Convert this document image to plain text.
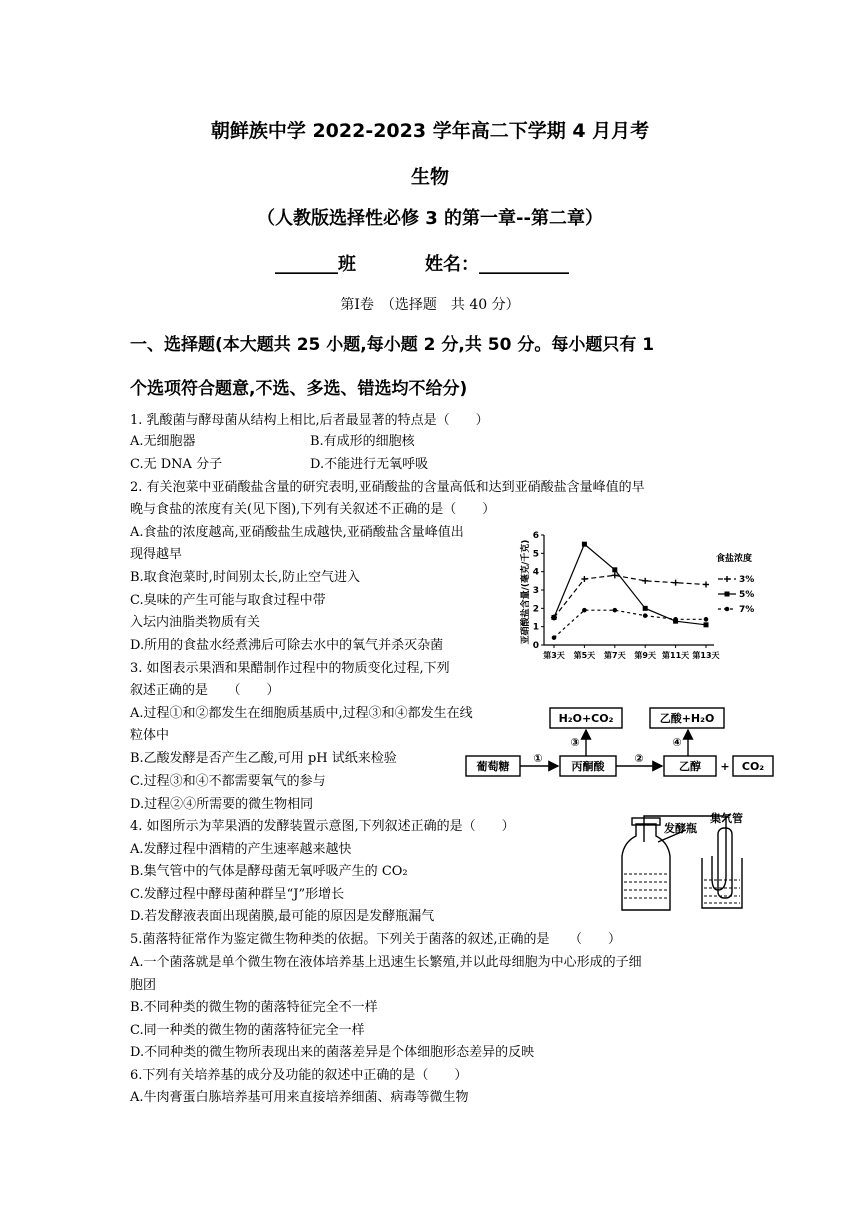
朝鲜族中学 2022-2023 学年高二下学期 4 月月考
生物
（人教版选择性必修 3 的第一章--第二章）
_______班	姓名：__________
第Ⅰ卷　（选择题　共 40 分）
一、选择题(本大题共 25 小题,每小题 2 分,共 50 分。每小题只有 1
个选项符合题意,不选、多选、错选均不给分)
1. 乳酸菌与酵母菌从结构上相比,后者最显著的特点是（　　）
A.无细胞器	B.有成形的细胞核
C.无 DNA 分子	D.不能进行无氧呼吸
2. 有关泡菜中亚硝酸盐含量的研究表明,亚硝酸盐的含量高低和达到亚硝酸盐含量峰值的早
晚与食盐的浓度有关(见下图),下列有关叙述不正确的是（　　）
A.食盐的浓度越高,亚硝酸盐生成越快,亚硝酸盐含量峰值出
现得越早
B.取食泡菜时,时间别太长,防止空气进入
C.臭味的产生可能与取食过程中带
入坛内油脂类物质有关
D.所用的食盐水经煮沸后可除去水中的氧气并杀灭杂菌
亚硝酸盐含量/(毫克/千克)
0
1
2
3
4
5
6
第3天 第5天 第7天 第9天 第11天 第13天
食盐浓度
3%
5%
7%
3. 如图表示果酒和果醋制作过程中的物质变化过程,下列
叙述正确的是　　（　　）
A.过程①和②都发生在细胞质基质中,过程③和④都发生在线
粒体中
B.乙酸发酵是否产生乙酸,可用 pH 试纸来检验
C.过程③和④不都需要氧气的参与
D.过程②④所需要的微生物相同
葡萄糖	丙酮酸	乙醇	CO₂
+
H₂O+CO₂	乙酸+H₂O
①	②
③	④
4. 如图所示为苹果酒的发酵装置示意图,下列叙述正确的是（　　）
A.发酵过程中酒精的产生速率越来越快
B.集气管中的气体是酵母菌无氧呼吸产生的 CO₂
C.发酵过程中酵母菌种群呈“J”形增长
D.若发酵液表面出现菌膜,最可能的原因是发酵瓶漏气
发酵瓶
集气管
5.菌落特征常作为鉴定微生物种类的依据。下列关于菌落的叙述,正确的是　　（　　）
A.一个菌落就是单个微生物在液体培养基上迅速生长繁殖,并以此母细胞为中心形成的子细
胞团
B.不同种类的微生物的菌落特征完全不一样
C.同一种类的微生物的菌落特征完全一样
D.不同种类的微生物所表现出来的菌落差异是个体细胞形态差异的反映
6.下列有关培养基的成分及功能的叙述中正确的是（　　）
A.牛肉膏蛋白胨培养基可用来直接培养细菌、病毒等微生物
